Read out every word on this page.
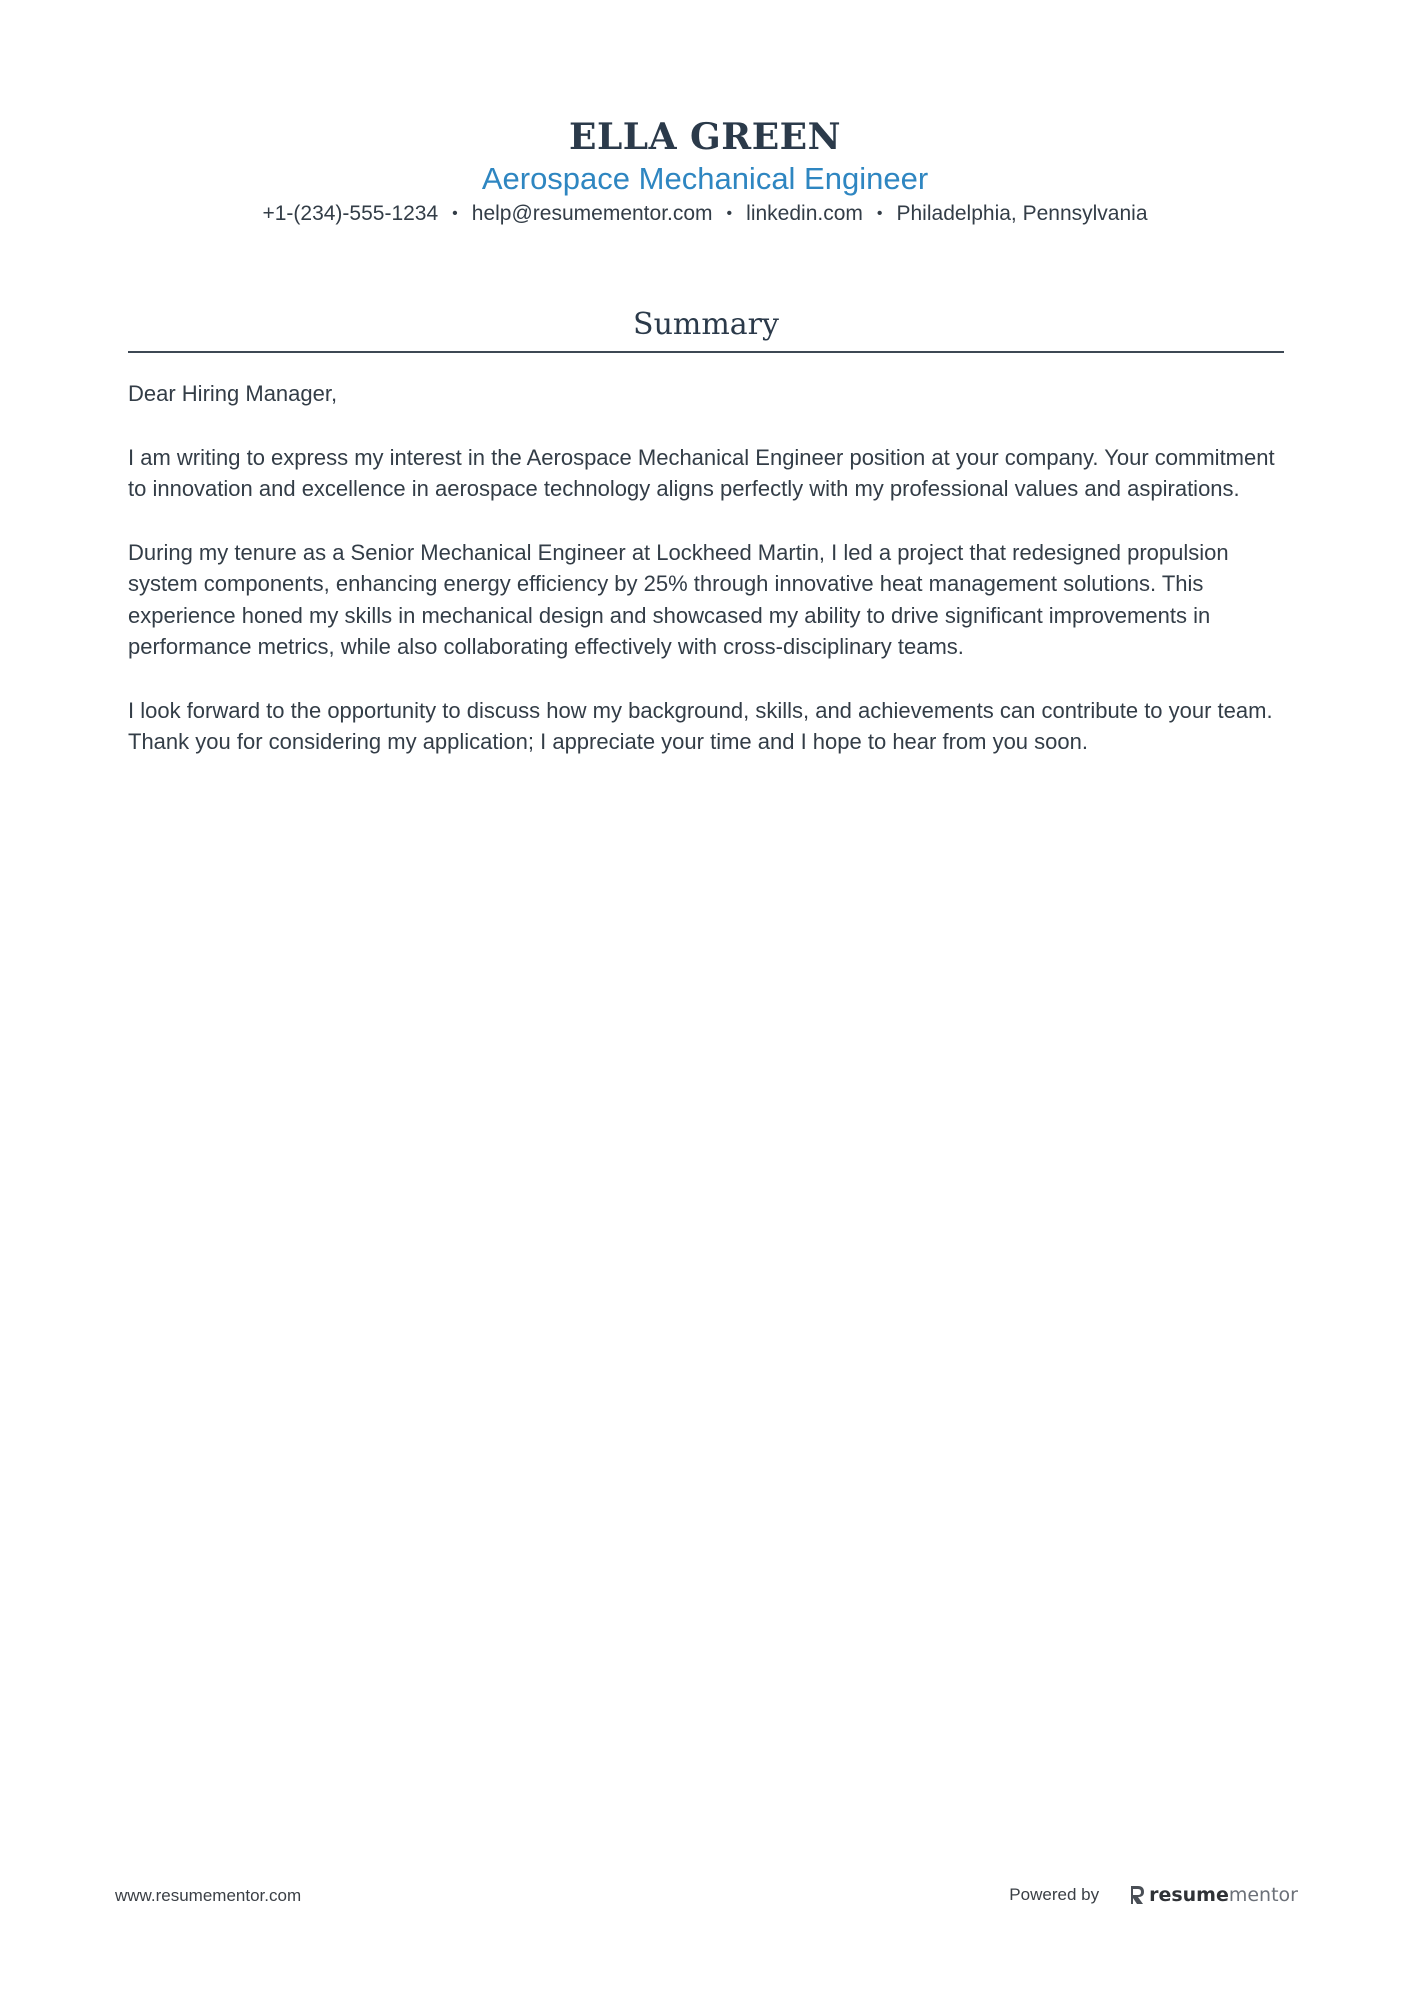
ELLA GREEN
Aerospace Mechanical Engineer
+1-(234)-555-1234 • help@resumementor.com • linkedin.com • Philadelphia, Pennsylvania
Summary

Dear Hiring Manager,

I am writing to express my interest in the Aerospace Mechanical Engineer position at your company. Your commitment to innovation and excellence in aerospace technology aligns perfectly with my professional values and aspirations.

During my tenure as a Senior Mechanical Engineer at Lockheed Martin, I led a project that redesigned propulsion system components, enhancing energy efficiency by 25% through innovative heat management solutions. This experience honed my skills in mechanical design and showcased my ability to drive significant improvements in performance metrics, while also collaborating effectively with cross-disciplinary teams.

I look forward to the opportunity to discuss how my background, skills, and achievements can contribute to your team. Thank you for considering my application; I appreciate your time and I hope to hear from you soon.

www.resumementor.com	Powered by	resumementor
